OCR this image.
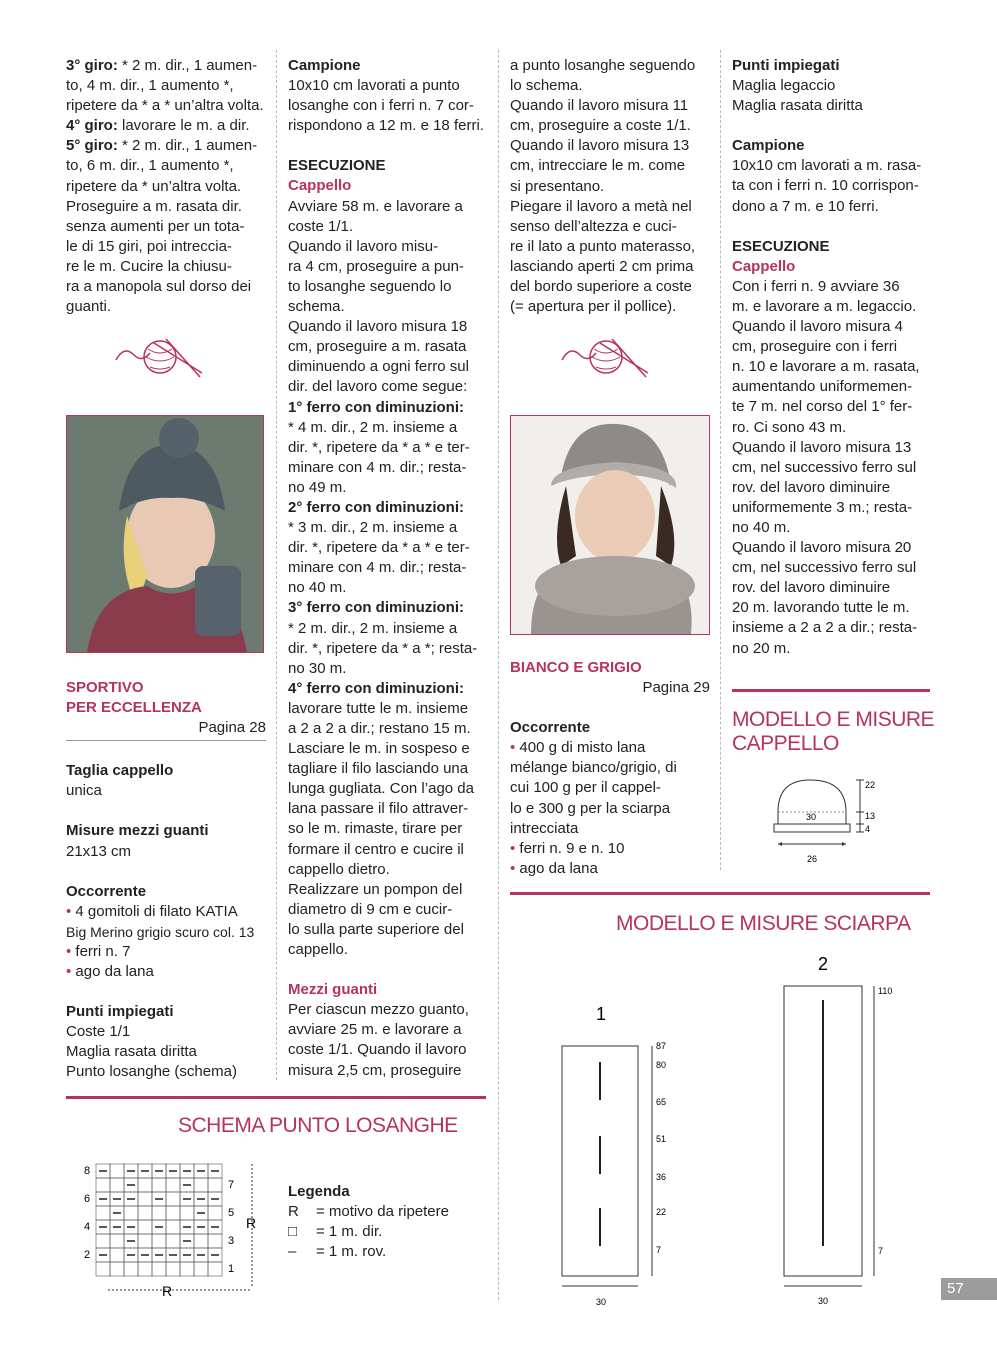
3° giro: * 2 m. dir., 1 aumen-

to, 4 m. dir., 1 aumento *,

ripetere da * a * un’altra volta.

4° giro: lavorare le m. a dir.

5° giro: * 2 m. dir., 1 aumen-

to, 6 m. dir., 1 aumento *,

ripetere da * un’altra volta.

Proseguire a m. rasata dir.

senza aumenti per un tota-

le di 15 giri, poi intreccia-

re le m. Cucire la chiusu-

ra a manopola sul dorso dei

guanti.

SPORTIVO

PER ECCELLENZA

Pagina 28

Taglia cappello

unica

Misure mezzi guanti

21x13 cm

Occorrente

• 4 gomitoli di filato KATIA

Big Merino grigio scuro col. 13

• ferri n. 7

• ago da lana

Punti impiegati

Coste 1/1

Maglia rasata diritta

Punto losanghe (schema)

Campione

10x10 cm lavorati a punto

losanghe con i ferri n. 7 cor-

rispondono a 12 m. e 18 ferri.

ESECUZIONE

Cappello

Avviare 58 m. e lavorare a

coste 1/1.

Quando il lavoro misu-

ra 4 cm, proseguire a pun-

to losanghe seguendo lo

schema.

Quando il lavoro misura 18

cm, proseguire a m. rasata

diminuendo a ogni ferro sul

dir. del lavoro come segue:

1° ferro con diminuzioni:

* 4 m. dir., 2 m. insieme a

dir. *, ripetere da * a * e ter-

minare con 4 m. dir.; resta-

no 49 m.

2° ferro con diminuzioni:

* 3 m. dir., 2 m. insieme a

dir. *, ripetere da * a * e ter-

minare con 4 m. dir.; resta-

no 40 m.

3° ferro con diminuzioni:

* 2 m. dir., 2 m. insieme a

dir. *, ripetere da * a *; resta-

no 30 m.

4° ferro con diminuzioni:

lavorare tutte le m. insieme

a 2 a 2 a dir.; restano 15 m.

Lasciare le m. in sospeso e

tagliare il filo lasciando una

lunga gugliata. Con l’ago da

lana passare il filo attraver-

so le m. rimaste, tirare per

formare il centro e cucire il

cappello dietro.

Realizzare un pompon del

diametro di 9 cm e cucir-

lo sulla parte superiore del

cappello.

Mezzi guanti

Per ciascun mezzo guanto,

avviare 25 m. e lavorare a

coste 1/1. Quando il lavoro

misura 2,5 cm, proseguire

a punto losanghe seguendo

lo schema.

Quando il lavoro misura 11

cm, proseguire a coste 1/1.

Quando il lavoro misura 13

cm, intrecciare le m. come

si presentano.

Piegare il lavoro a metà nel

senso dell’altezza e cuci-

re il lato a punto materasso,

lasciando aperti 2 cm prima

del bordo superiore a coste

(= apertura per il pollice).

BIANCO E GRIGIO

Pagina 29

Occorrente

• 400 g di misto lana

mélange bianco/grigio, di

cui 100 g per il cappel-

lo e 300 g per la sciarpa

intrecciata

• ferri n. 9 e n. 10

• ago da lana

Punti impiegati

Maglia legaccio

Maglia rasata diritta

Campione

10x10 cm lavorati a m. rasa-

ta con i ferri n. 10 corrispon-

dono a 7 m. e 10 ferri.

ESECUZIONE

Cappello

Con i ferri n. 9 avviare 36

m. e lavorare a m. legaccio.

Quando il lavoro misura 4

cm, proseguire con i ferri

n. 10 e lavorare a m. rasata,

aumentando uniformemen-

te 7 m. nel corso del 1° fer-

ro. Ci sono 43 m.

Quando il lavoro misura 13

cm, nel successivo ferro sul

rov. del lavoro diminuire

uniformemente 3 m.; resta-

no 40 m.

Quando il lavoro misura 20

cm, nel successivo ferro sul

rov. del lavoro diminuire

20 m. lavorando tutte le m.

insieme a 2 a 2 a dir.; resta-

no 20 m.

MODELLO E MISURE CAPPELLO
30
26
22
13
4
MODELLO E MISURE SCIARPA
1
2
87
80
65
51
36
22
7
30
110
7
30
SCHEMA PUNTO LOSANGHE
8
6
4
2
7
5
3
1
R
R

Legenda

R = motivo da ripetere

□ = 1 m. dir.

– = 1 m. rov.

57
